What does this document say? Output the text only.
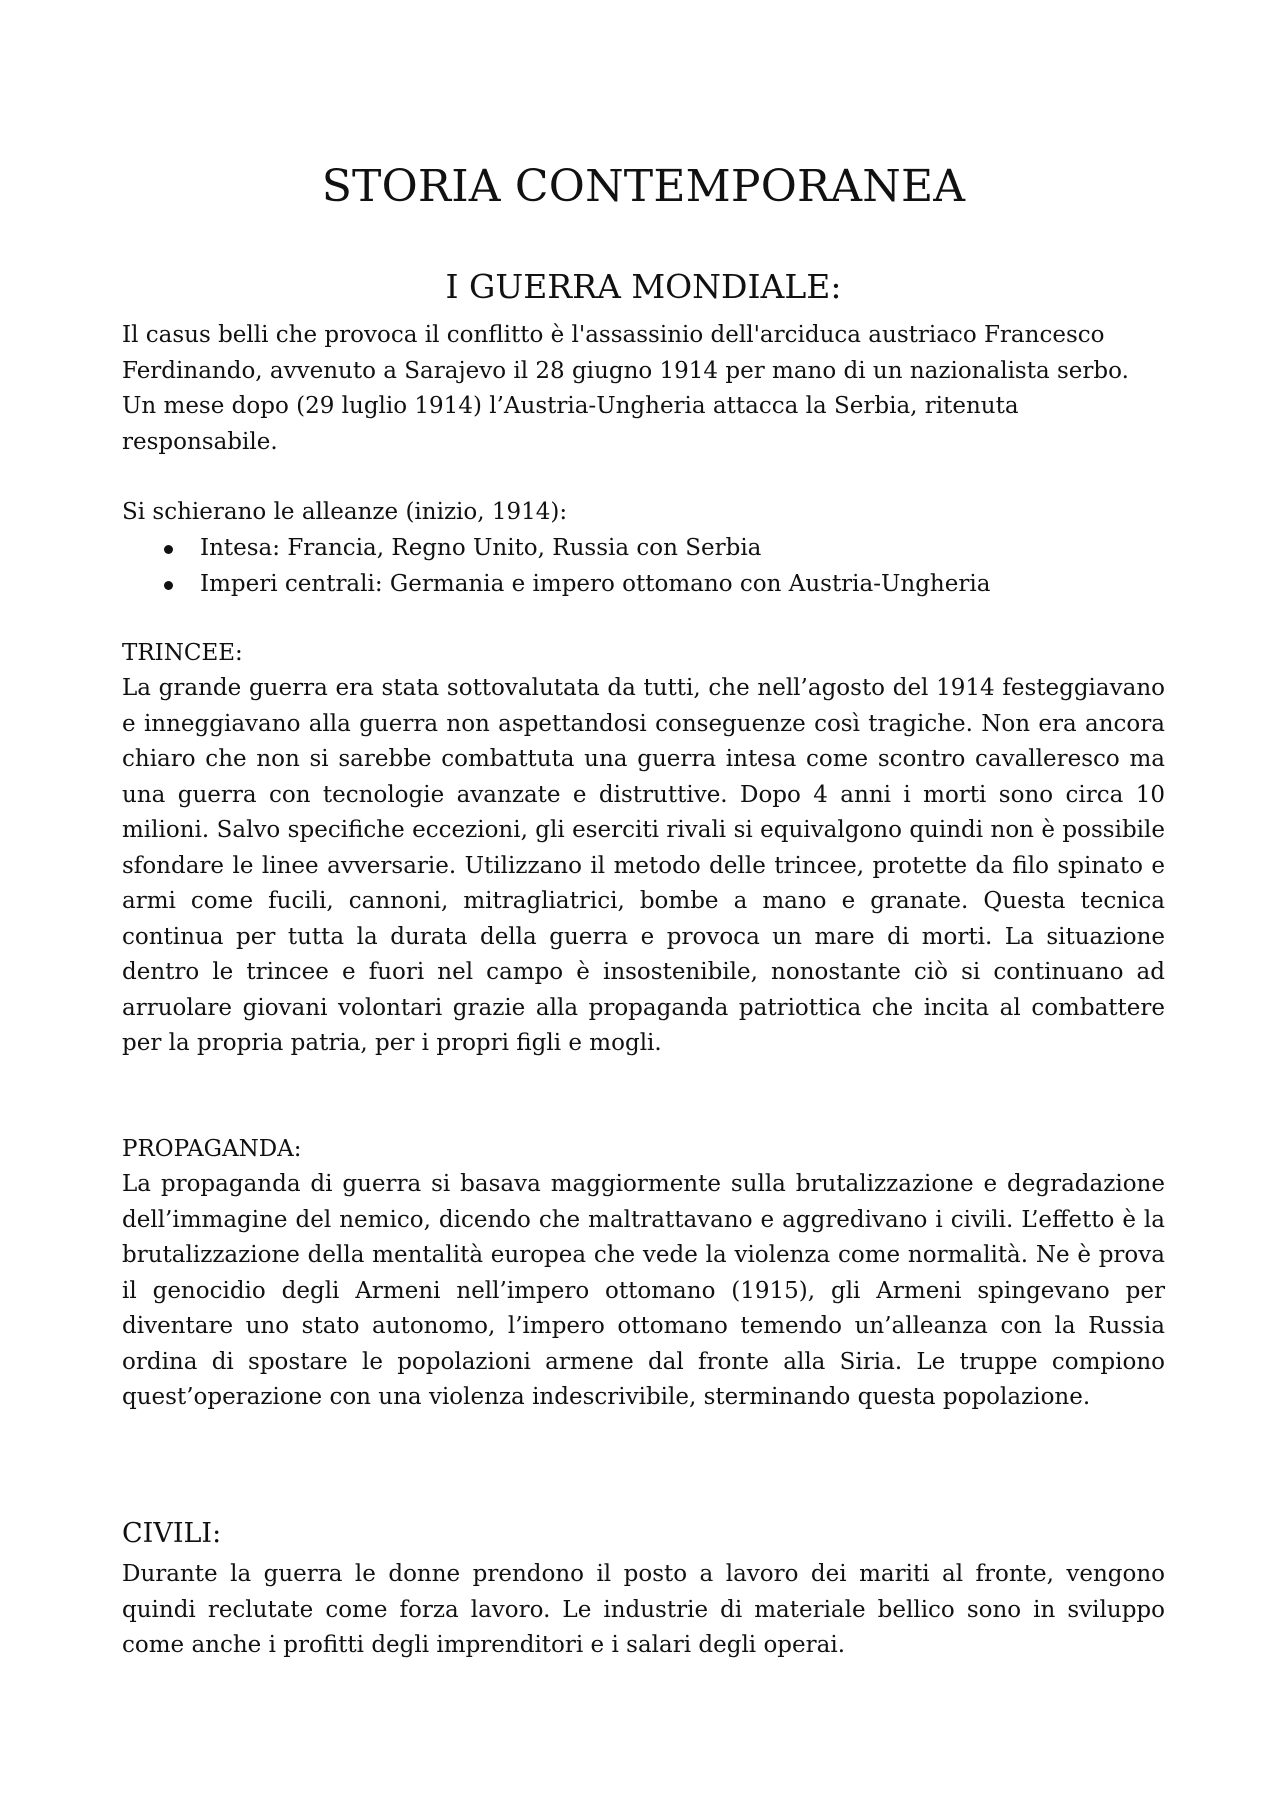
STORIA CONTEMPORANEA
I GUERRA MONDIALE:

Il casus belli che provoca il conflitto è l'assassinio dell'arciduca austriaco Francesco Ferdinando, avvenuto a Sarajevo il 28 giugno 1914 per mano di un nazionalista serbo. Un mese dopo (29 luglio 1914) l’Austria-Ungheria attacca la Serbia, ritenuta responsabile.

Si schierano le alleanze (inizio, 1914):

Intesa: Francia, Regno Unito, Russia con Serbia
Imperi centrali: Germania e impero ottomano con Austria-Ungheria
TRINCEE:

La grande guerra era stata sottovalutata da tutti, che nell’agosto del 1914 festeggiavano e inneggiavano alla guerra non aspettandosi conseguenze così tragiche. Non era ancora chiaro che non si sarebbe combattuta una guerra intesa come scontro cavalleresco ma una guerra con tecnologie avanzate e distruttive. Dopo 4 anni i morti sono circa 10 milioni. Salvo specifiche eccezioni, gli eserciti rivali si equivalgono quindi non è possibile sfondare le linee avversarie. Utilizzano il metodo delle trincee, protette da filo spinato e armi come fucili, cannoni, mitragliatrici, bombe a mano e granate. Questa tecnica continua per tutta la durata della guerra e provoca un mare di morti. La situazione dentro le trincee e fuori nel campo è insostenibile, nonostante ciò si continuano ad arruolare giovani volontari grazie alla propaganda patriottica che incita al combattere per la propria patria, per i propri figli e mogli.

PROPAGANDA:

La propaganda di guerra si basava maggiormente sulla brutalizzazione e degradazione dell’immagine del nemico, dicendo che maltrattavano e aggredivano i civili. L’effetto è la brutalizzazione della mentalità europea che vede la violenza come normalità. Ne è prova il genocidio degli Armeni nell’impero ottomano (1915), gli Armeni spingevano per diventare uno stato autonomo, l’impero ottomano temendo un’alleanza con la Russia ordina di spostare le popolazioni armene dal fronte alla Siria. Le truppe compiono quest’operazione con una violenza indescrivibile, sterminando questa popolazione.

CIVILI:

Durante la guerra le donne prendono il posto a lavoro dei mariti al fronte, vengono quindi reclutate come forza lavoro. Le industrie di materiale bellico sono in sviluppo come anche i profitti degli imprenditori e i salari degli operai.
